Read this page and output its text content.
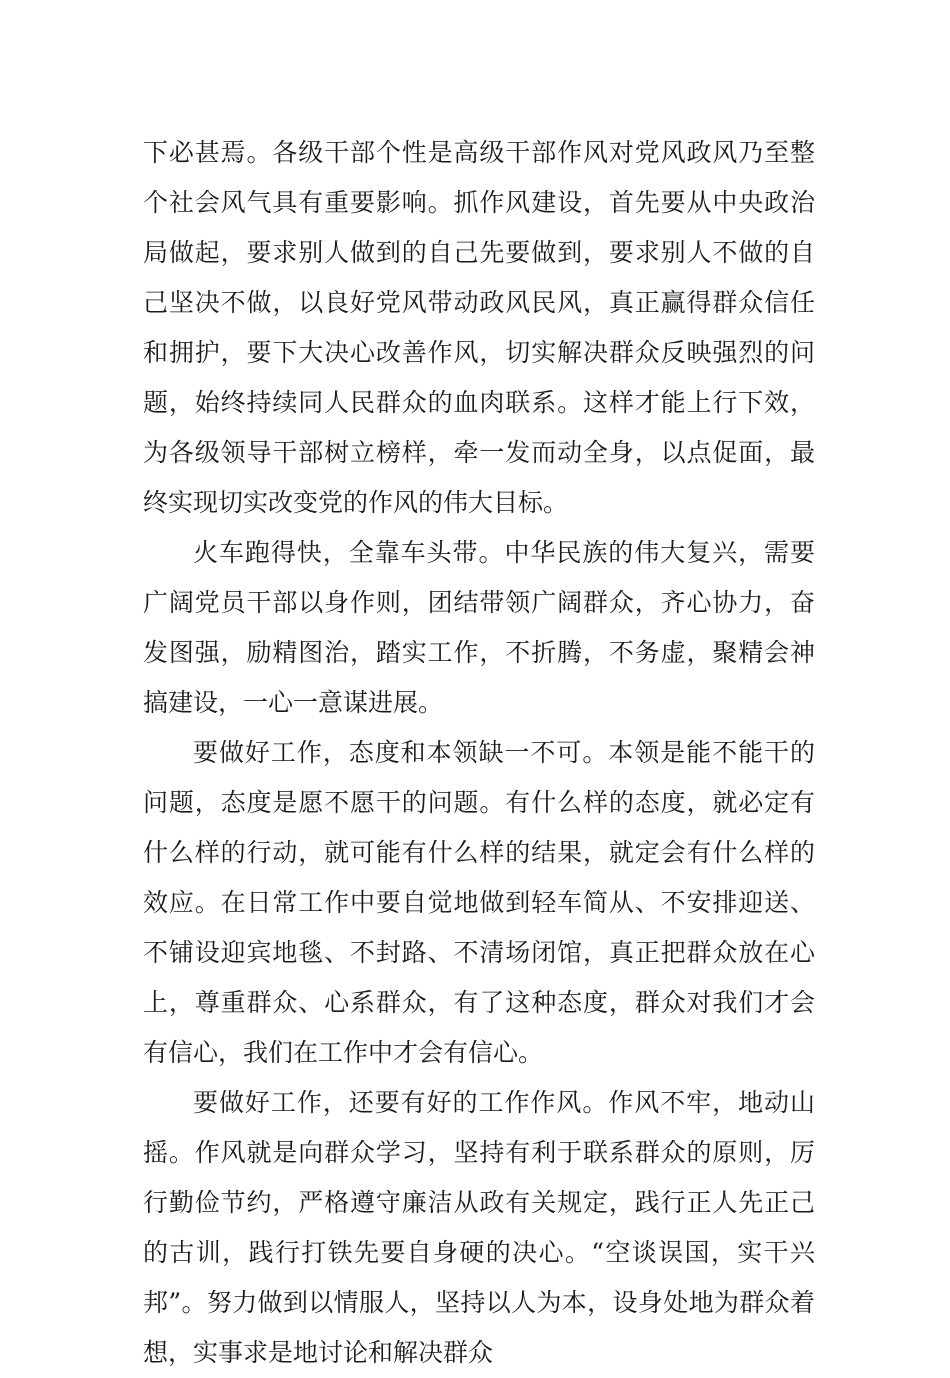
下必甚焉。各级干部个性是高级干部作风对党风政风乃至整个社会风气具有重要影响。抓作风建设，首先要从中央政治局做起，要求别人做到的自己先要做到，要求别人不做的自己坚决不做，以良好党风带动政风民风，真正赢得群众信任和拥护，要下大决心改善作风，切实解决群众反映强烈的问题，始终持续同人民群众的血肉联系。这样才能上行下效，为各级领导干部树立榜样，牵一发而动全身，以点促面，最终实现切实改变党的作风的伟大目标。

火车跑得快，全靠车头带。中华民族的伟大复兴，需要广阔党员干部以身作则，团结带领广阔群众，齐心协力，奋发图强，励精图治，踏实工作，不折腾，不务虚，聚精会神搞建设，一心一意谋进展。

要做好工作，态度和本领缺一不可。本领是能不能干的问题，态度是愿不愿干的问题。有什么样的态度，就必定有什么样的行动，就可能有什么样的结果，就定会有什么样的效应。在日常工作中要自觉地做到轻车简从、不安排迎送、不铺设迎宾地毯、不封路、不清场闭馆，真正把群众放在心上，尊重群众、心系群众，有了这种态度，群众对我们才会有信心，我们在工作中才会有信心。

要做好工作，还要有好的工作作风。作风不牢，地动山摇。作风就是向群众学习，坚持有利于联系群众的原则，厉行勤俭节约，严格遵守廉洁从政有关规定，践行正人先正己的古训，践行打铁先要自身硬的决心。“空谈误国，实干兴邦”。努力做到以情服人，坚持以人为本，设身处地为群众着想，实事求是地讨论和解决群众
